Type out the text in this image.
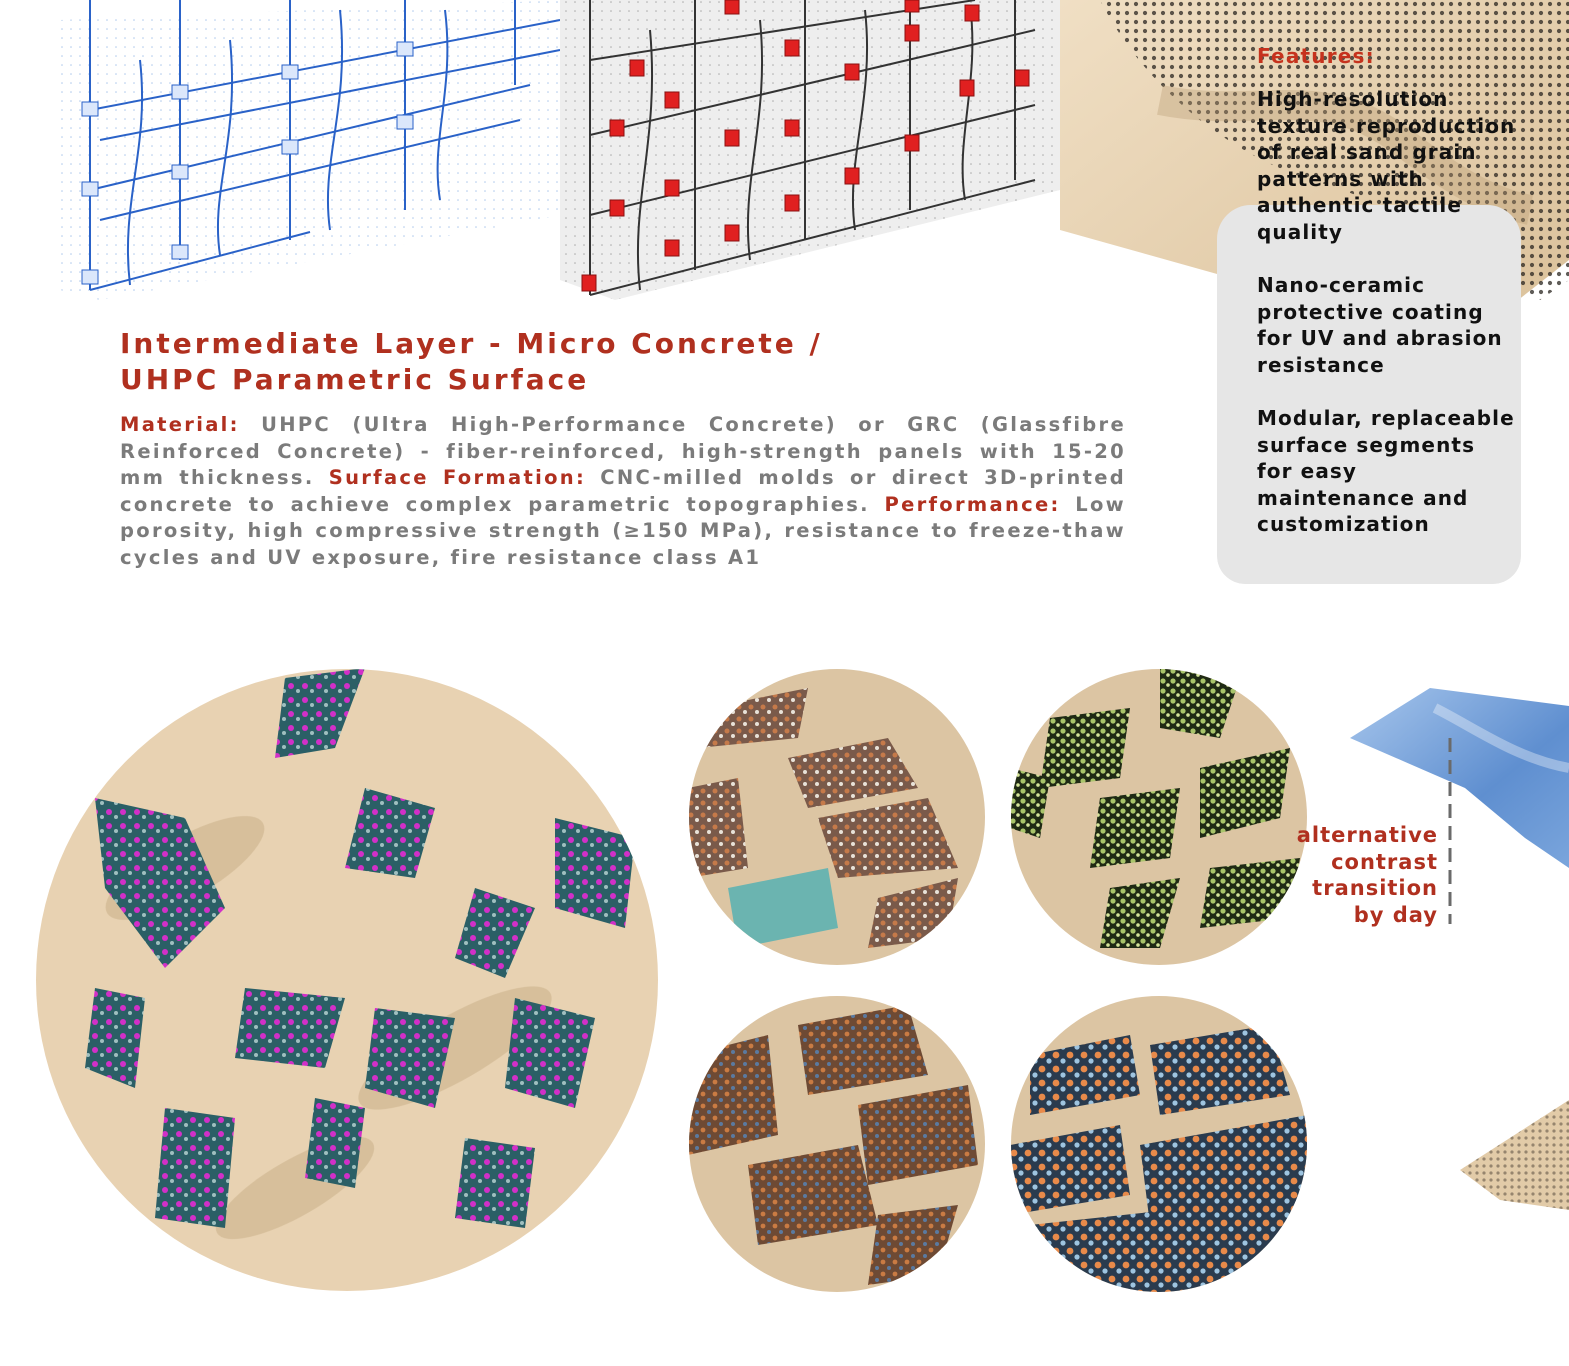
Features:
High-resolution texture reproduction of real sand grain patterns with authentic tactile quality
Nano-ceramic protective coating for UV and abrasion resistance
Modular, replaceable surface segments for easy maintenance and customization
Intermediate Layer - Micro Concrete /
UHPC Parametric Surface
Material: UHPC (Ultra High-Performance Concrete) or GRC (Glassfibre Reinforced Concrete) - fiber-reinforced, high-strength panels with 15-20 mm thickness. Surface Formation: CNC-milled molds or direct 3D-printed concrete to achieve complex parametric topographies. Performance: Low porosity, high compressive strength (≥150 MPa), resistance to freeze-thaw cycles and UV exposure, fire resistance class A1
alternative
contrast
transition
by day
